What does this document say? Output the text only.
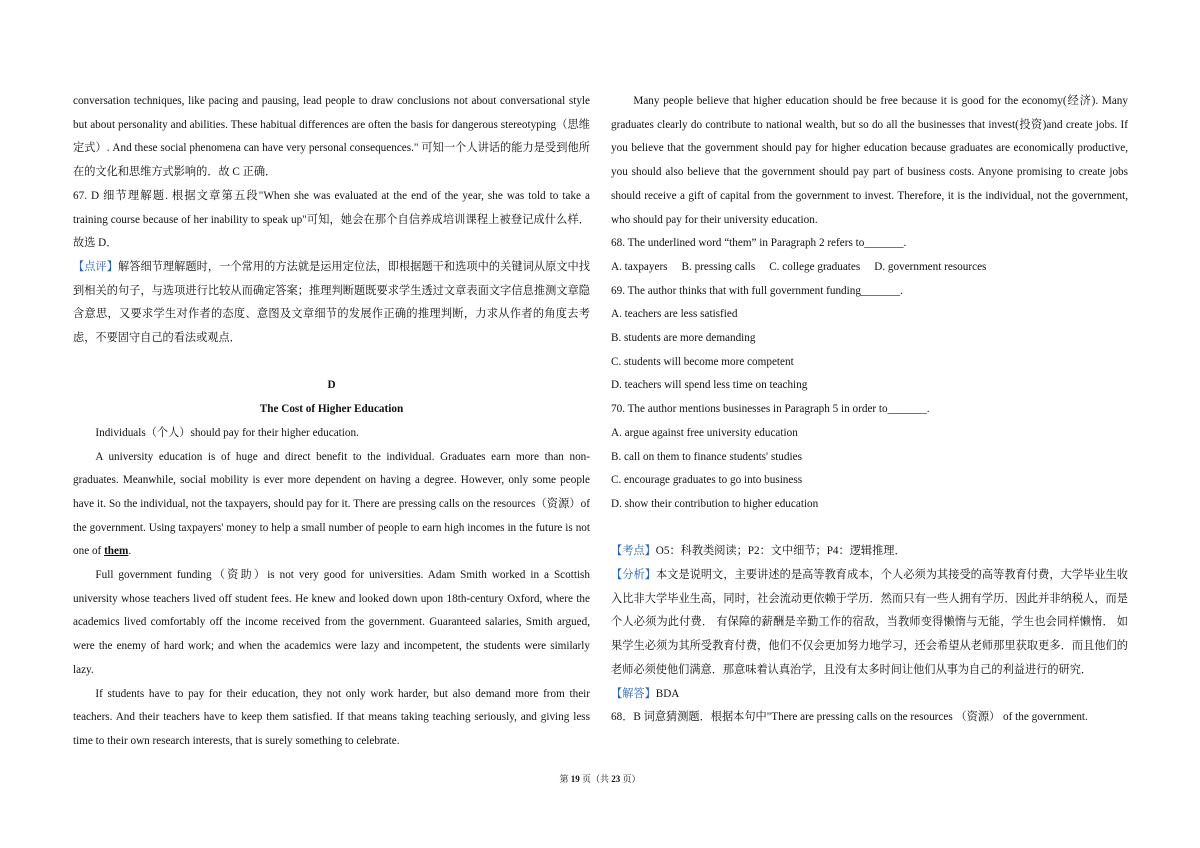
conversation techniques, like pacing and pausing, lead people to draw conclusions not about conversational style but about personality and abilities. These habitual differences are often the basis for dangerous stereotyping（思维定式）. And these social phenomena can have very personal consequences." 可知一个人讲话的能力是受到他所在的文化和思维方式影响的．故 C 正确．

67. D 细节理解题. 根据文章第五段"When she was evaluated at the end of the year, she was told to take a training course because of her inability to speak up"可知，她会在那个自信养成培训课程上被登记成什么样．故选 D．

【点评】解答细节理解题时，一个常用的方法就是运用定位法，即根据题干和选项中的关键词从原文中找到相关的句子，与选项进行比较从而确定答案；推理判断题既要求学生透过文章表面文字信息推测文章隐含意思，又要求学生对作者的态度、意图及文章细节的发展作正确的推理判断，力求从作者的角度去考虑，不要固守自己的看法或观点．

D

The Cost of Higher Education

Individuals（个人）should pay for their higher education.

A university education is of huge and direct benefit to the individual. Graduates earn more than non-graduates. Meanwhile, social mobility is ever more dependent on having a degree. However, only some people have it. So the individual, not the taxpayers, should pay for it. There are pressing calls on the resources（资源）of the government. Using taxpayers' money to help a small number of people to earn high incomes in the future is not one of them.

Full government funding（资助）is not very good for universities. Adam Smith worked in a Scottish university whose teachers lived off student fees. He knew and looked down upon 18th-century Oxford, where the academics lived comfortably off the income received from the government. Guaranteed salaries, Smith argued, were the enemy of hard work; and when the academics were lazy and incompetent, the students were similarly lazy.

If students have to pay for their education, they not only work harder, but also demand more from their teachers. And their teachers have to keep them satisfied. If that means taking teaching seriously, and giving less time to their own research interests, that is surely something to celebrate.

Many people believe that higher education should be free because it is good for the economy(经济). Many graduates clearly do contribute to national wealth, but so do all the businesses that invest(投资)and create jobs. If you believe that the government should pay for higher education because graduates are economically productive, you should also believe that the government should pay part of business costs. Anyone promising to create jobs should receive a gift of capital from the government to invest. Therefore, it is the individual, not the government, who should pay for their university education.

68. The underlined word “them” in Paragraph 2 refers to_______.

A. taxpayers B. pressing calls C. college graduates D. government resources

69. The author thinks that with full government funding_______.

A. teachers are less satisfied

B. students are more demanding

C. students will become more competent

D. teachers will spend less time on teaching

70. The author mentions businesses in Paragraph 5 in order to_______.

A. argue against free university education

B. call on them to finance students' studies

C. encourage graduates to go into business

D. show their contribution to higher education

【考点】O5：科教类阅读；P2：文中细节；P4：逻辑推理．

【分析】本文是说明文，主要讲述的是高等教育成本，个人必须为其接受的高等教育付费，大学毕业生收入比非大学毕业生高，同时，社会流动更依赖于学历．然而只有一些人拥有学历．因此并非纳税人，而是个人必须为此付费． 有保障的薪酬是辛勤工作的宿敌，当教师变得懒惰与无能，学生也会同样懒惰． 如果学生必须为其所受教育付费，他们不仅会更加努力地学习，还会希望从老师那里获取更多．而且他们的老师必须使他们满意．那意味着认真治学，且没有太多时间让他们从事为自己的利益进行的研究．

【解答】BDA

68．B 词意猜测题．根据本句中"There are pressing calls on the resources （资源） of the government.

第 19 页（共 23 页）
